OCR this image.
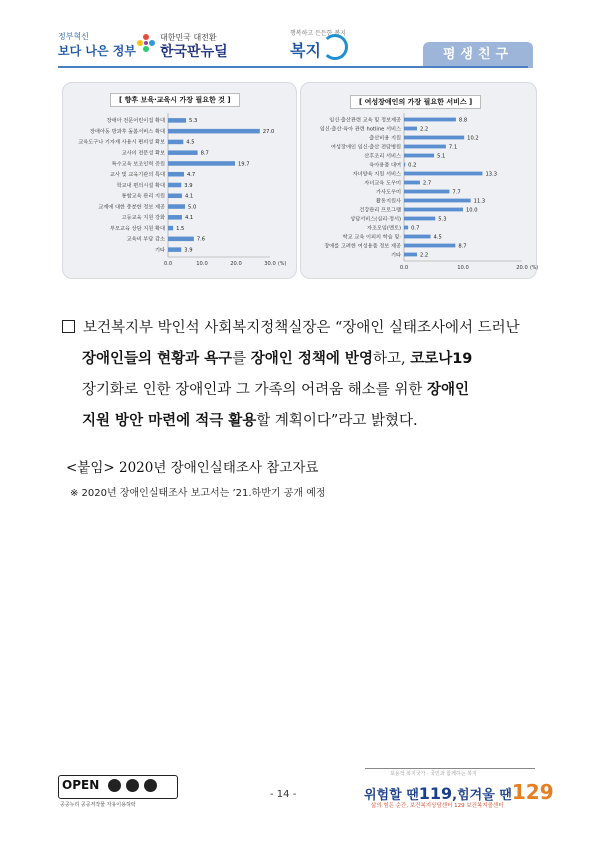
정부혁신
보다 나은 정부
대한민국 대전환
한국판뉴딜
행복하고 든든한 복지
복지	평생친구
장애아 전문어린이집 확대	5.3
장애아동 방과후 돌봄서비스 확대	27.0
교육도구나 기자재 사용시 편의성 확보	4.5
교사의 전문성 확보	8.7
특수교육 보조인력 증원	19.7
교사 및 교육기관의 특대	4.7
학교내 편의시설 확대	3.9
통합교육 관리 지원	4.1
교재에 대한 충분한 정보 제공	5.0
고등교육 지원 강화	4.1
부모교육 상담 지원 확대 1.5
교육비 부담 감소	7.6
기타	3.9
0.0	10.0	20.0	30.0 (%)
임신·출산관련 교육 및 정보제공	8.8
임신·출산·육아 관련 hotline 서비스	2.2
출산비용 지원	10.2
여성장애인 임신·출산 전담병원	7.1
산후조리 서비스	5.1
육아용품 대여 0.2
자녀양육 지원 서비스	13.3
자녀교육 도우미	2.7
가사도우미	7.7
활동지원사	11.3
건강관리 프로그램	10.0
상담서비스(심리·정서)	5.3
자조모임(멘토) 0.7
학교 교육 이외의 학습 및·	4.5
장애를 고려한 여성용품 정보 제공	8.7
기타	2.2
0.0	10.0	20.0 (%)
[ 향후 보육·교육시 가장 필요한 것 ]	[ 여성장애인의 가장 필요한 서비스 ]
보건복지부 박인석 사회복지정책실장은 “장애인 실태조사에서 드러난
장애인들의 현황과 욕구를 장애인 정책에 반영하고, 코로나19
장기화로 인한 장애인과 그 가족의 어려움 해소를 위한 장애인
지원 방안 마련에 적극 활용할 계획이다”라고 밝혔다.
<붙임> 2020년 장애인실태조사 참고자료
※ 2020년 장애인실태조사 보고서는 ’21.하반기 공개 예정
OPEN
공공누리 공공저작물 자유이용허락
- 14 -
포용적 복지국가 · 국민과 함께하는 복지
위험할 땐119,힘겨울 땐129
삶의 힘든 순간, 보건복지상담센터 129 보건복지콜센터
